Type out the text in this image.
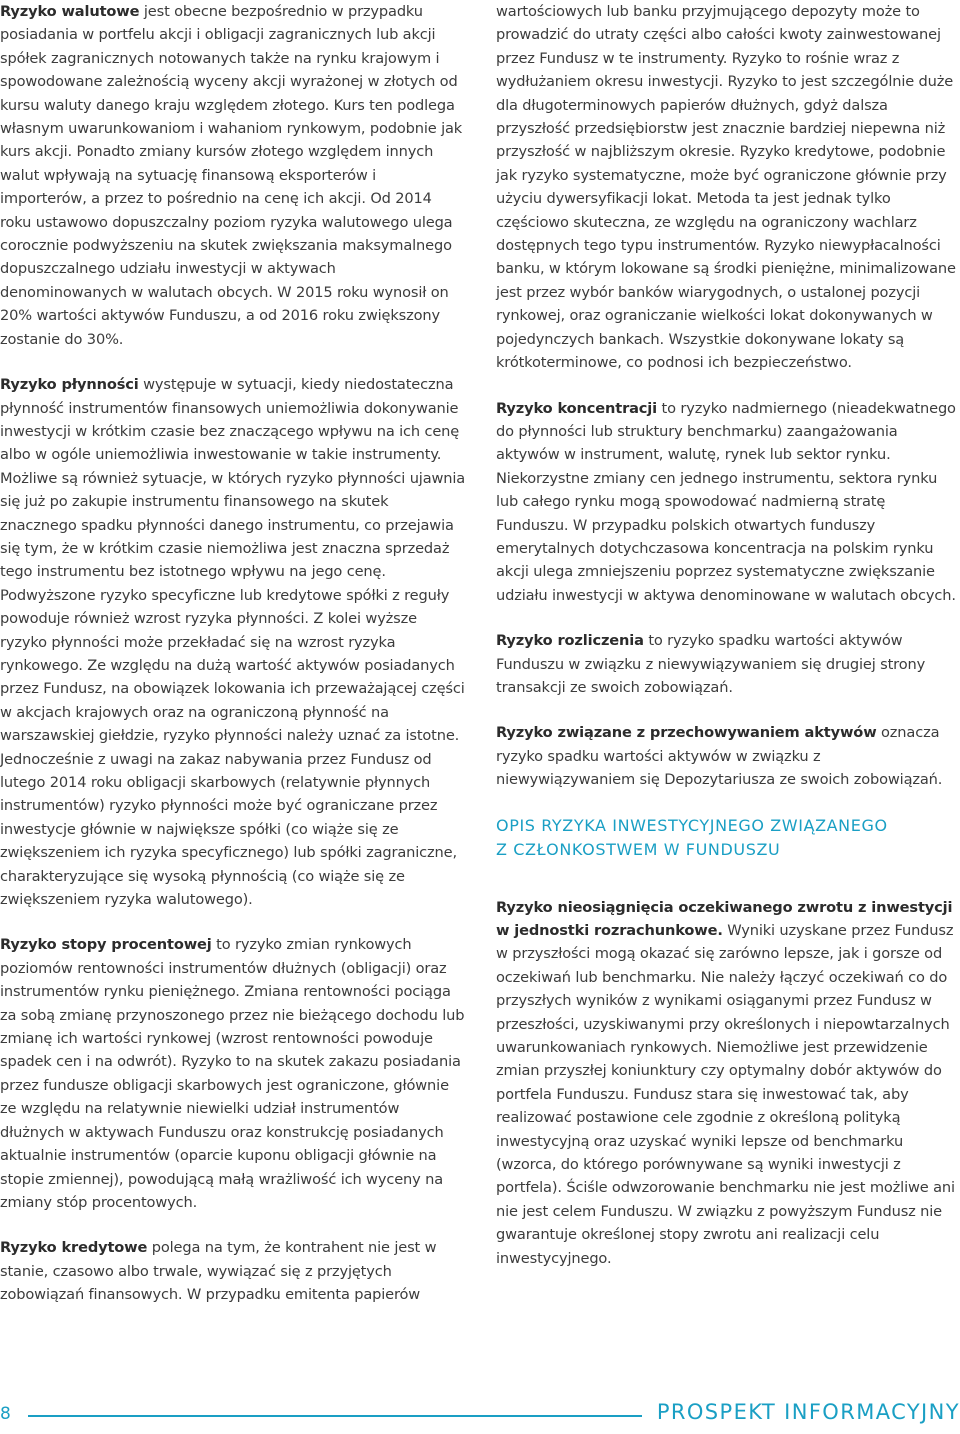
Ryzyko walutowe jest obecne bezpośrednio w przypadku posiadania w portfelu akcji i obligacji zagranicznych lub akcji spółek zagranicznych notowanych także na rynku krajowym i spowodowane zależnością wyceny akcji wyrażonej w złotych od kursu waluty danego kraju względem złotego. Kurs ten podlega własnym uwarunkowaniom i wahaniom rynkowym, podobnie jak kurs akcji. Ponadto zmiany kursów złotego względem innych walut wpływają na sytuację finansową eksporterów i importerów, a przez to pośrednio na cenę ich akcji. Od 2014 roku ustawowo dopuszczalny poziom ryzyka walutowego ulega corocznie podwyższeniu na skutek zwiększania maksymalnego dopuszczalnego udziału inwestycji w aktywach denominowanych w walutach obcych. W 2015 roku wynosił on 20% wartości aktywów Funduszu, a od 2016 roku zwiększony zostanie do 30%.

Ryzyko płynności występuje w sytuacji, kiedy niedostateczna płynność instrumentów finansowych uniemożliwia dokonywanie inwestycji w krótkim czasie bez znaczącego wpływu na ich cenę albo w ogóle uniemożliwia inwestowanie w takie instrumenty. Możliwe są również sytuacje, w których ryzyko płynności ujawnia się już po zakupie instrumentu finansowego na skutek znacznego spadku płynności danego instrumentu, co przejawia się tym, że w krótkim czasie niemożliwa jest znaczna sprzedaż tego instrumentu bez istotnego wpływu na jego cenę. Podwyższone ryzyko specyficzne lub kredytowe spółki z reguły powoduje również wzrost ryzyka płynności. Z kolei wyższe ryzyko płynności może przekładać się na wzrost ryzyka rynkowego. Ze względu na dużą wartość aktywów posiadanych przez Fundusz, na obowiązek lokowania ich przeważającej części w akcjach krajowych oraz na ograniczoną płynność na warszawskiej giełdzie, ryzyko płynności należy uznać za istotne. Jednocześnie z uwagi na zakaz nabywania przez Fundusz od lutego 2014 roku obligacji skarbowych (relatywnie płynnych instrumentów) ryzyko płynności może być ograniczane przez inwestycje głównie w największe spółki (co wiąże się ze zwiększeniem ich ryzyka specyficznego) lub spółki zagraniczne, charakteryzujące się wysoką płynnością (co wiąże się ze zwiększeniem ryzyka walutowego).

Ryzyko stopy procentowej to ryzyko zmian rynkowych poziomów rentowności instrumentów dłużnych (obligacji) oraz instrumentów rynku pieniężnego. Zmiana rentowności pociąga za sobą zmianę przynoszonego przez nie bieżącego dochodu lub zmianę ich wartości rynkowej (wzrost rentowności powoduje spadek cen i na odwrót). Ryzyko to na skutek zakazu posiadania przez fundusze obligacji skarbowych jest ograniczone, głównie ze względu na relatywnie niewielki udział instrumentów dłużnych w aktywach Funduszu oraz konstrukcję posiadanych aktualnie instrumentów (oparcie kuponu obligacji głównie na stopie zmiennej), powodującą małą wrażliwość ich wyceny na zmiany stóp procentowych.

Ryzyko kredytowe polega na tym, że kontrahent nie jest w stanie, czasowo albo trwale, wywiązać się z przyjętych zobowiązań finansowych. W przypadku emitenta papierów

wartościowych lub banku przyjmującego depozyty może to prowadzić do utraty części albo całości kwoty zainwestowanej przez Fundusz w te instrumenty. Ryzyko to rośnie wraz z wydłużaniem okresu inwestycji. Ryzyko to jest szczególnie duże dla długoterminowych papierów dłużnych, gdyż dalsza przyszłość przedsiębiorstw jest znacznie bardziej niepewna niż przyszłość w najbliższym okresie. Ryzyko kredytowe, podobnie jak ryzyko systematyczne, może być ograniczone głównie przy użyciu dywersyfikacji lokat. Metoda ta jest jednak tylko częściowo skuteczna, ze względu na ograniczony wachlarz dostępnych tego typu instrumentów. Ryzyko niewypłacalności banku, w którym lokowane są środki pieniężne, minimalizowane jest przez wybór banków wiarygodnych, o ustalonej pozycji rynkowej, oraz ograniczanie wielkości lokat dokonywanych w pojedynczych bankach. Wszystkie dokonywane lokaty są krótkoterminowe, co podnosi ich bezpieczeństwo.

Ryzyko koncentracji to ryzyko nadmiernego (nieadekwatnego do płynności lub struktury benchmarku) zaangażowania aktywów w instrument, walutę, rynek lub sektor rynku. Niekorzystne zmiany cen jednego instrumentu, sektora rynku lub całego rynku mogą spowodować nadmierną stratę Funduszu. W przypadku polskich otwartych funduszy emerytalnych dotychczasowa koncentracja na polskim rynku akcji ulega zmniejszeniu poprzez systematyczne zwiększanie udziału inwestycji w aktywa denominowane w walutach obcych.

Ryzyko rozliczenia to ryzyko spadku wartości aktywów Funduszu w związku z niewywiązywaniem się drugiej strony transakcji ze swoich zobowiązań.

Ryzyko związane z przechowywaniem aktywów oznacza ryzyko spadku wartości aktywów w związku z niewywiązywaniem się Depozytariusza ze swoich zobowiązań.

OPIS RYZYKA INWESTYCYJNEGO ZWIĄZANEGO
Z CZŁONKOSTWEM W FUNDUSZU

Ryzyko nieosiągnięcia oczekiwanego zwrotu z inwestycji w jednostki rozrachunkowe. Wyniki uzyskane przez Fundusz w przyszłości mogą okazać się zarówno lepsze, jak i gorsze od oczekiwań lub benchmarku. Nie należy łączyć oczekiwań co do przyszłych wyników z wynikami osiąganymi przez Fundusz w przeszłości, uzyskiwanymi przy określonych i niepowtarzalnych uwarunkowaniach rynkowych. Niemożliwe jest przewidzenie zmian przyszłej koniunktury czy optymalny dobór aktywów do portfela Funduszu. Fundusz stara się inwestować tak, aby realizować postawione cele zgodnie z określoną polityką inwestycyjną oraz uzyskać wyniki lepsze od benchmarku (wzorca, do którego porównywane są wyniki inwestycji z portfela). Ściśle odwzorowanie benchmarku nie jest możliwe ani nie jest celem Funduszu. W związku z powyższym Fundusz nie gwarantuje określonej stopy zwrotu ani realizacji celu inwestycyjnego.

8	PROSPEKT INFORMACYJNY
